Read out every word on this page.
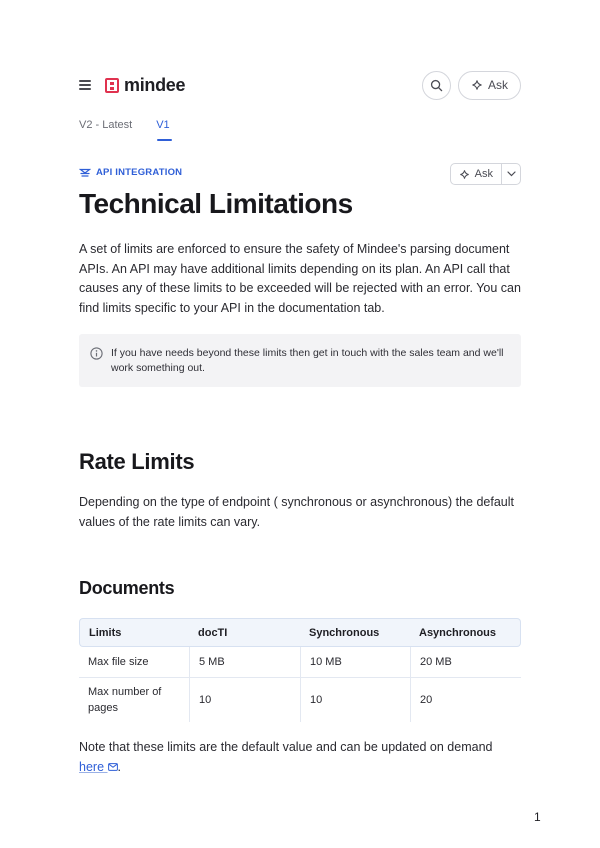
mindee	Ask
V2 - Latest V1
API INTEGRATION	Ask
Technical Limitations

A set of limits are enforced to ensure the safety of Mindee's parsing document APIs. An API may have additional limits depending on its plan. An API call that causes any of these limits to be exceeded will be rejected with an error. You can find limits specific to your API in the documentation tab.

If you have needs beyond these limits then get in touch with the sales team and we'll work something out.

Rate Limits

Depending on the type of endpoint ( synchronous or asynchronous) the default values of the rate limits can vary.

Documents
Limits	docTI	Synchronous	Asynchronous
Max file size	5 MB	10 MB	20 MB
Max number of pages	10	10	20

Note that these limits are the default value and can be updated on demand
here .

1
